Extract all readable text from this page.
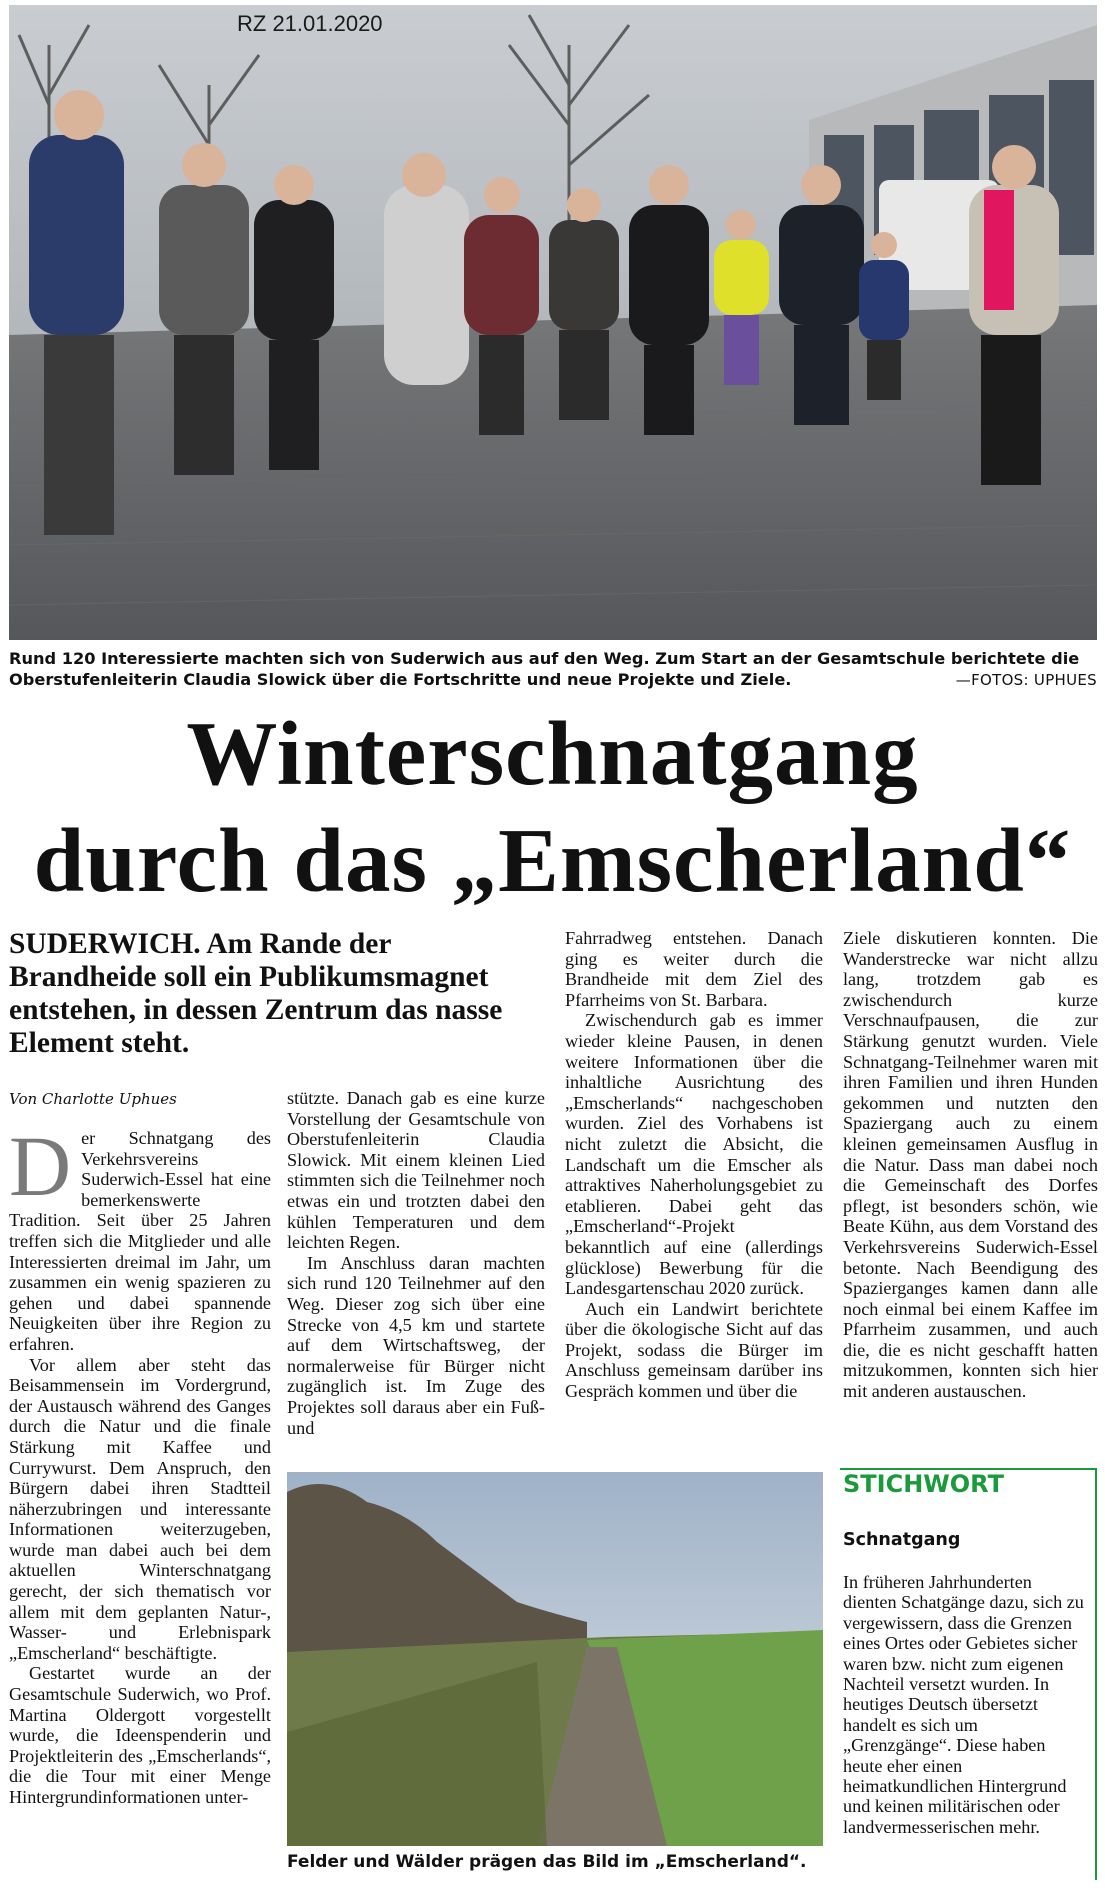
RZ 21.01.2020
Rund 120 Interessierte machten sich von Suderwich aus auf den Weg. Zum Start an der Gesamtschule berichtete die Oberstufenleiterin Claudia Slowick über die Fortschritte und neue Projekte und Ziele.	—FOTOS: UPHUES
Winterschnatgang
durch das „Emscherland“
SUDERWICH. Am Rande der Brandheide soll ein Publikumsmagnet entstehen, in dessen Zentrum das nasse Element steht.
Von Charlotte Uphues

Der Schnatgang des Verkehrsvereins Suderwich-Essel hat eine bemerkenswerte Tradition. Seit über 25 Jahren treffen sich die Mitglieder und alle Interessierten dreimal im Jahr, um zusammen ein wenig spazieren zu gehen und dabei spannende Neuigkeiten über ihre Region zu erfahren.

Vor allem aber steht das Beisammensein im Vordergrund, der Austausch während des Ganges durch die Natur und die finale Stärkung mit Kaffee und Currywurst. Dem Anspruch, den Bürgern dabei ihren Stadtteil näherzubringen und interessante Informationen weiterzugeben, wurde man dabei auch bei dem aktuellen Winterschnatgang gerecht, der sich thematisch vor allem mit dem geplanten Natur-, Wasser- und Erlebnispark „Emscherland“ beschäftigte.

Gestartet wurde an der Gesamtschule Suderwich, wo Prof. Martina Oldergott vorgestellt wurde, die Ideenspenderin und Projektleiterin des „Emscherlands“, die die Tour mit einer Menge Hintergrundinformationen unter-

stützte. Danach gab es eine kurze Vorstellung der Gesamtschule von Oberstufenleiterin Claudia Slowick. Mit einem kleinen Lied stimmten sich die Teilnehmer noch etwas ein und trotzten dabei den kühlen Temperaturen und dem leichten Regen.

Im Anschluss daran machten sich rund 120 Teilnehmer auf den Weg. Dieser zog sich über eine Strecke von 4,5 km und startete auf dem Wirtschaftsweg, der normalerweise für Bürger nicht zugänglich ist. Im Zuge des Projektes soll daraus aber ein Fuß- und

Fahrradweg entstehen. Danach ging es weiter durch die Brandheide mit dem Ziel des Pfarrheims von St. Barbara.

Zwischendurch gab es immer wieder kleine Pausen, in denen weitere Informationen über die inhaltliche Ausrichtung des „Emscherlands“ nachgeschoben wurden. Ziel des Vorhabens ist nicht zuletzt die Absicht, die Landschaft um die Emscher als attraktives Naherholungsgebiet zu etablieren. Dabei geht das „Emscherland“-Projekt bekanntlich auf eine (allerdings glücklose) Bewerbung für die Landesgartenschau 2020 zurück.

Auch ein Landwirt berichtete über die ökologische Sicht auf das Projekt, sodass die Bürger im Anschluss gemeinsam darüber ins Gespräch kommen und über die

Ziele diskutieren konnten. Die Wanderstrecke war nicht allzu lang, trotzdem gab es zwischendurch kurze Verschnaufpausen, die zur Stärkung genutzt wurden. Viele Schnatgang-Teilnehmer waren mit ihren Familien und ihren Hunden gekommen und nutzten den Spaziergang auch zu einem kleinen gemeinsamen Ausflug in die Natur. Dass man dabei noch die Gemeinschaft des Dorfes pflegt, ist besonders schön, wie Beate Kühn, aus dem Vorstand des Verkehrsvereins Suderwich-Essel betonte. Nach Beendigung des Spazierganges kamen dann alle noch einmal bei einem Kaffee im Pfarrheim zusammen, und auch die, die es nicht geschafft hatten mitzukommen, konnten sich hier mit anderen austauschen.

Felder und Wälder prägen das Bild im „Emscherland“.
STICHWORT
Schnatgang
In früheren Jahrhunderten dienten Schatgänge dazu, sich zu vergewissern, dass die Grenzen eines Ortes oder Gebietes sicher waren bzw. nicht zum eigenen Nachteil versetzt wurden. In heutiges Deutsch übersetzt handelt es sich um „Grenzgänge“. Diese haben heute eher einen heimatkundlichen Hintergrund und keinen militärischen oder landvermesserischen mehr.
